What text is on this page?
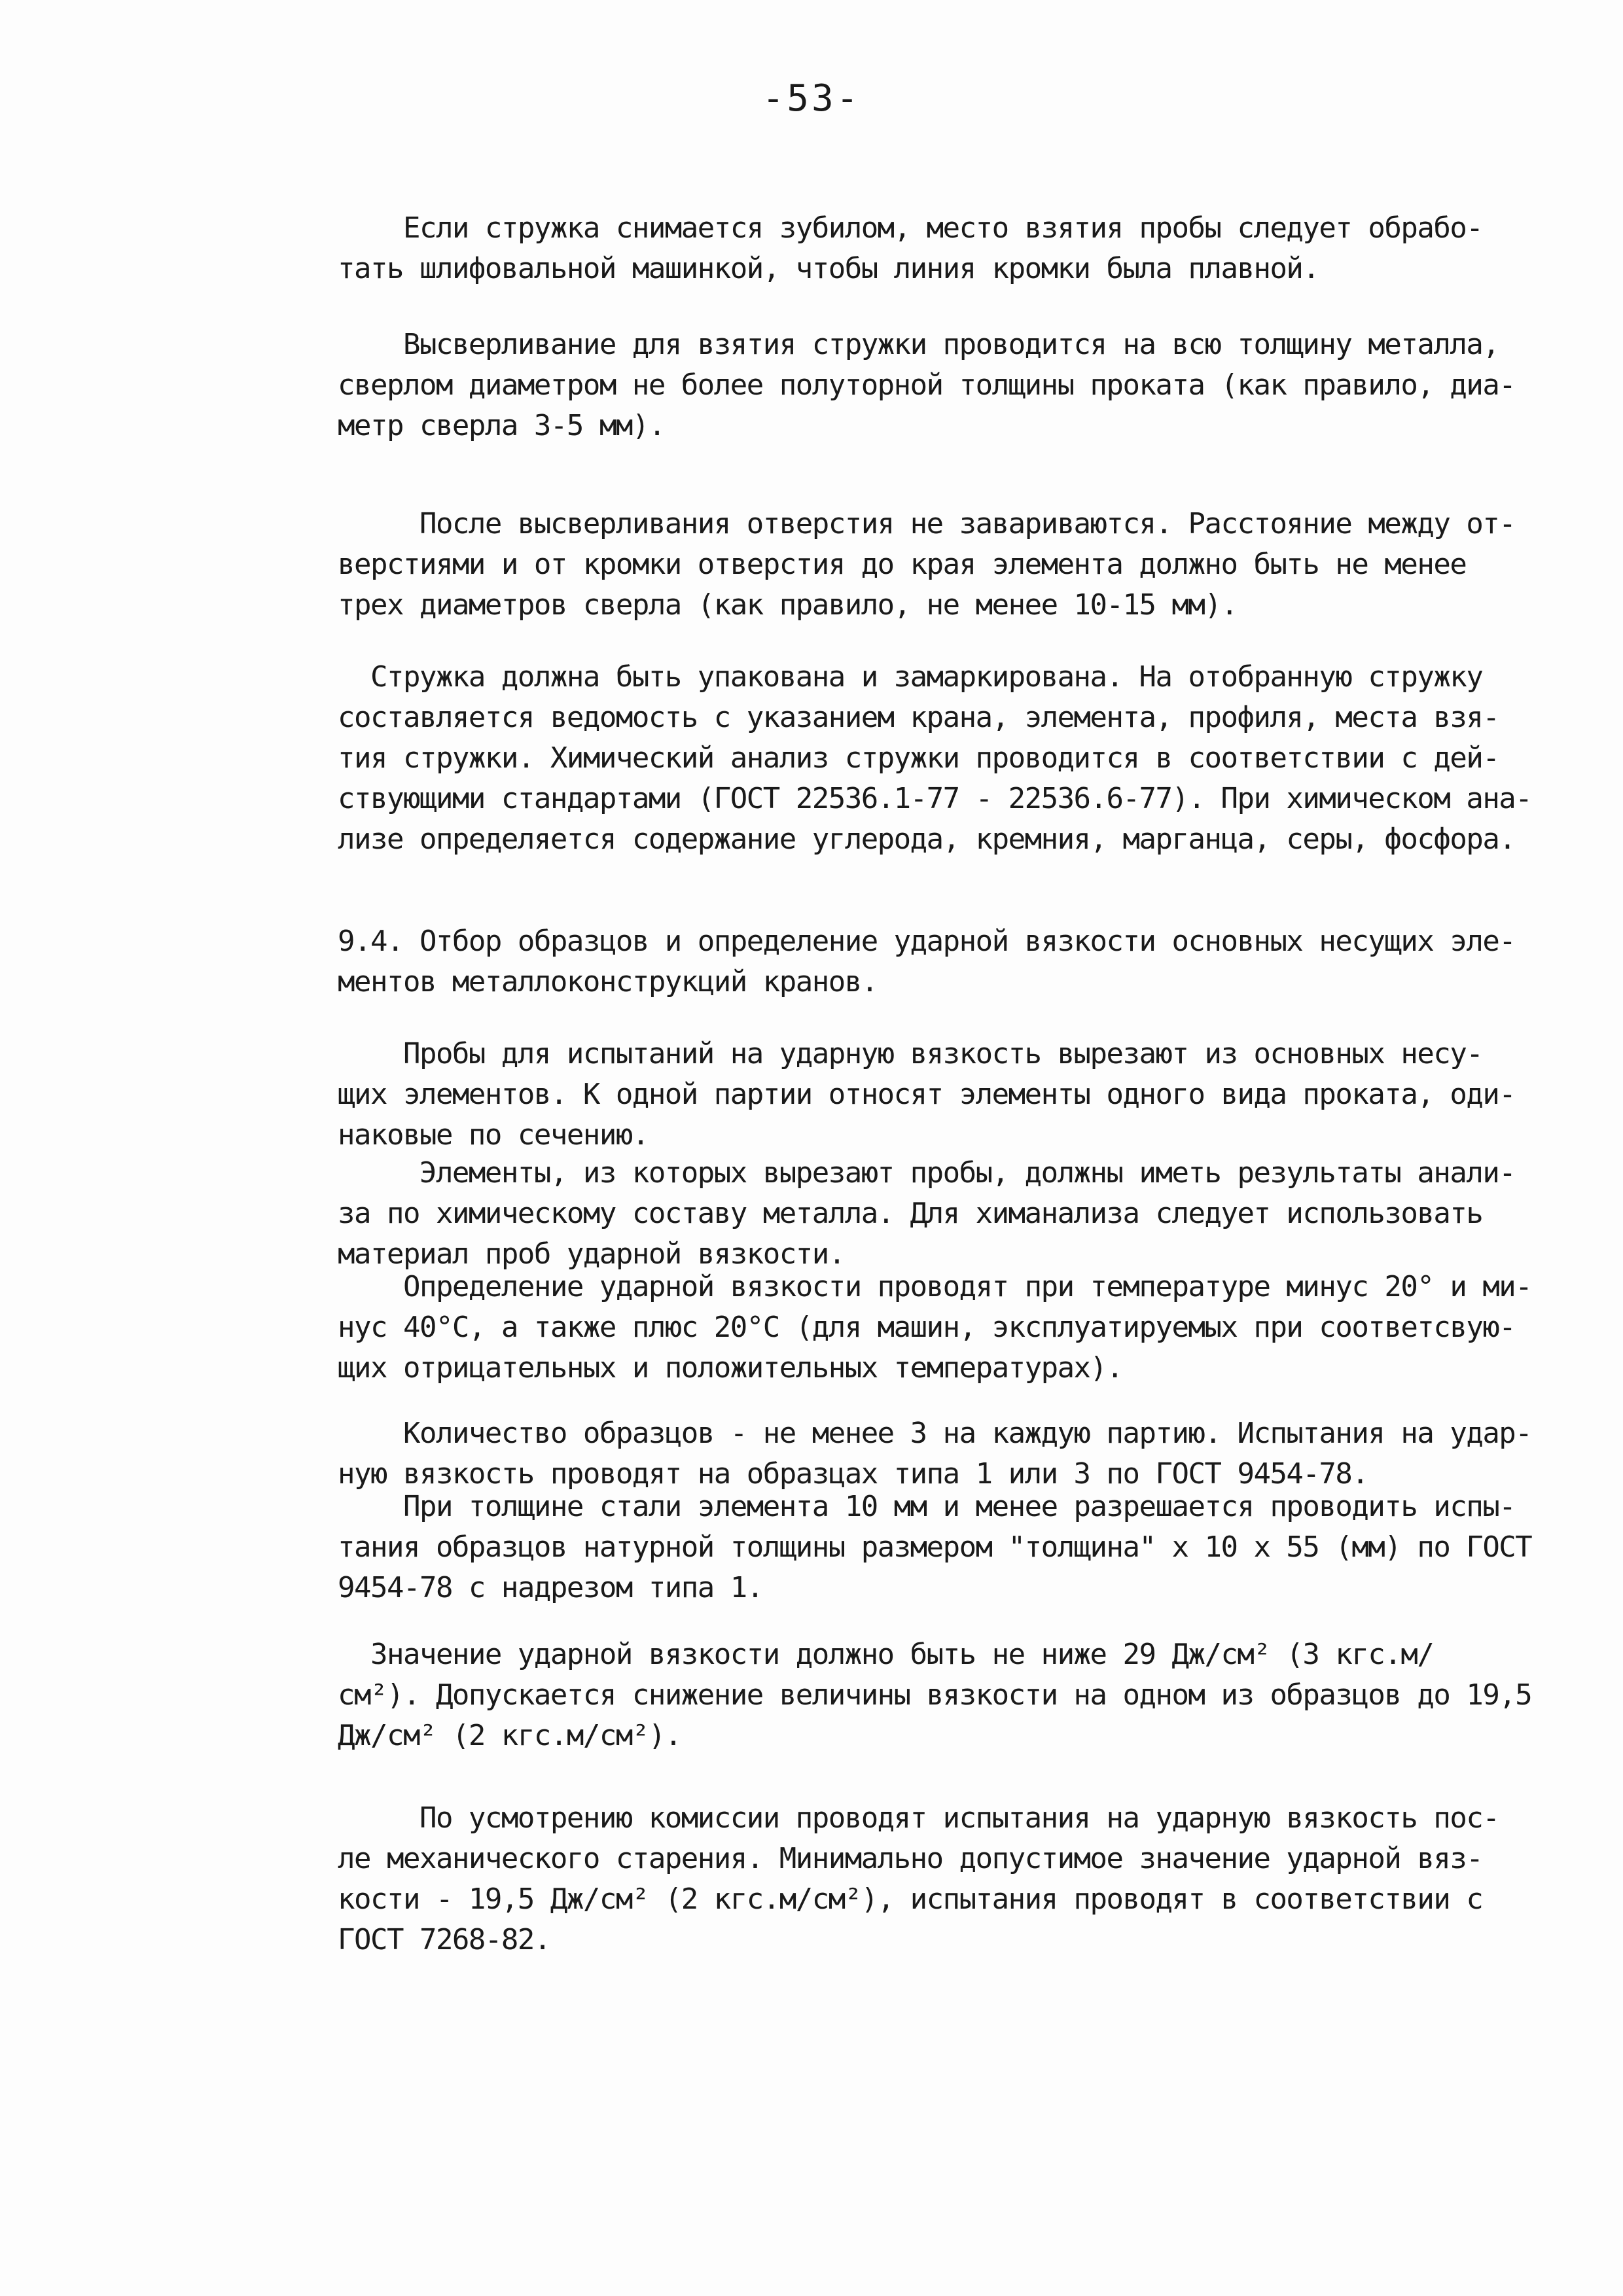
-53-

Если стружка снимается зубилом, место взятия пробы следует обрабо-
тать шлифовальной машинкой, чтобы линия кромки была плавной.

Высверливание для взятия стружки проводится на всю толщину металла,
сверлом диаметром не более полуторной толщины проката (как правило, диа-
метр сверла 3-5 мм).

После высверливания отверстия не завариваются. Расстояние между от-
верстиями и от кромки отверстия до края элемента должно быть не менее
трех диаметров сверла (как правило, не менее 10-15 мм).

Стружка должна быть упакована и замаркирована. На отобранную стружку
составляется ведомость с указанием крана, элемента, профиля, места взя-
тия стружки. Химический анализ стружки проводится в соответствии с дей-
ствующими стандартами (ГОСТ 22536.1-77 - 22536.6-77). При химическом ана-
лизе определяется содержание углерода, кремния, марганца, серы, фосфора.

9.4. Отбор образцов и определение ударной вязкости основных несущих эле-
ментов металлоконструкций кранов.

Пробы для испытаний на ударную вязкость вырезают из основных несу-
щих элементов. К одной партии относят элементы одного вида проката, оди-
наковые по сечению.

Элементы, из которых вырезают пробы, должны иметь результаты анали-
за по химическому составу металла. Для химанализа следует использовать
материал проб ударной вязкости.

Определение ударной вязкости проводят при температуре минус 20° и ми-
нус 40°С, а также плюс 20°С (для машин, эксплуатируемых при соответсвую-
щих отрицательных и положительных температурах).

Количество образцов - не менее 3 на каждую партию. Испытания на удар-
ную вязкость проводят на образцах типа 1 или 3 по ГОСТ 9454-78.

При толщине стали элемента 10 мм и менее разрешается проводить испы-
тания образцов натурной толщины размером "толщина" х 10 х 55 (мм) по ГОСТ
9454-78 с надрезом типа 1.

Значение ударной вязкости должно быть не ниже 29 Дж/см² (3 кгс.м/
см²). Допускается снижение величины вязкости на одном из образцов до 19,5
Дж/см² (2 кгс.м/см²).

По усмотрению комиссии проводят испытания на ударную вязкость пос-
ле механического старения. Минимально допустимое значение ударной вяз-
кости - 19,5 Дж/см² (2 кгс.м/см²), испытания проводят в соответствии с
ГОСТ 7268-82.
